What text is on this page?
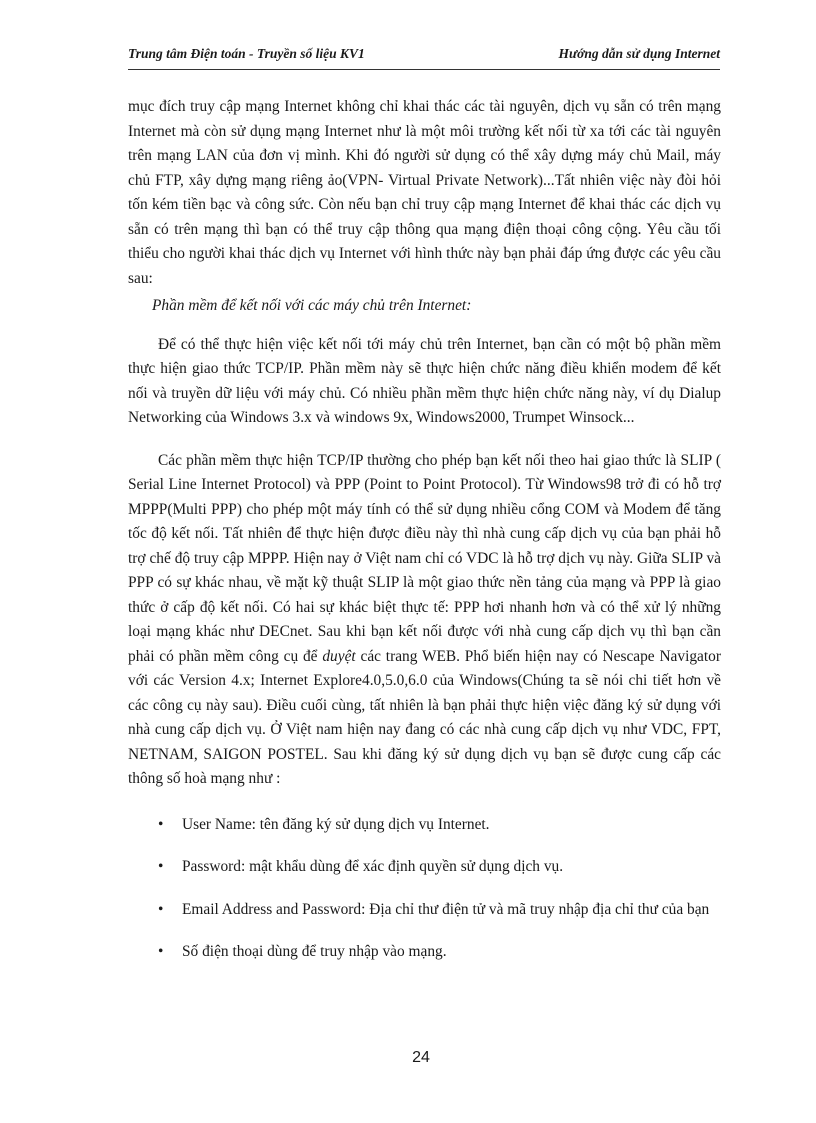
Trung tâm Điện toán - Truyền số liệu KV1	Hướng dẫn sử dụng Internet

mục đích truy cập mạng Internet không chỉ khai thác các tài nguyên, dịch vụ sẵn có trên mạng Internet mà còn sử dụng mạng Internet như là một môi trường kết nối từ xa tới các tài nguyên trên mạng LAN của đơn vị mình. Khi đó người sử dụng có thể xây dựng máy chủ Mail, máy chủ FTP, xây dựng mạng riêng ảo(VPN- Virtual Private Network)...Tất nhiên việc này đòi hỏi tốn kém tiền bạc và công sức. Còn nếu bạn chỉ truy cập mạng Internet để khai thác các dịch vụ sẵn có trên mạng thì bạn có thể truy cập thông qua mạng điện thoại công cộng. Yêu cầu tối thiểu cho người khai thác dịch vụ Internet với hình thức này bạn phải đáp ứng được các yêu cầu sau:

Phần mềm để kết nối với các máy chủ trên Internet:

Để có thể thực hiện việc kết nối tới máy chủ trên Internet, bạn cần có một bộ phần mềm thực hiện giao thức TCP/IP. Phần mềm này sẽ thực hiện chức năng điều khiển modem để kết nối và truyền dữ liệu với máy chủ. Có nhiều phần mềm thực hiện chức năng này, ví dụ Dialup Networking của Windows 3.x và windows 9x, Windows2000, Trumpet Winsock...

Các phần mềm thực hiện TCP/IP thường cho phép bạn kết nối theo hai giao thức là SLIP ( Serial Line Internet Protocol) và PPP (Point to Point Protocol). Từ Windows98 trở đi có hỗ trợ MPPP(Multi PPP) cho phép một máy tính có thể sử dụng nhiều cổng COM và Modem để tăng tốc độ kết nối. Tất nhiên để thực hiện được điều này thì nhà cung cấp dịch vụ của bạn phải hỗ trợ chế độ truy cập MPPP. Hiện nay ở Việt nam chỉ có VDC là hỗ trợ dịch vụ này. Giữa SLIP và PPP có sự khác nhau, về mặt kỹ thuật SLIP là một giao thức nền tảng của mạng và PPP là giao thức ở cấp độ kết nối. Có hai sự khác biệt thực tế: PPP hơi nhanh hơn và có thể xử lý những loại mạng khác như DECnet. Sau khi bạn kết nối được với nhà cung cấp dịch vụ thì bạn cần phải có phần mềm công cụ để duyệt các trang WEB. Phổ biến hiện nay có Nescape Navigator với các Version 4.x; Internet Explore4.0,5.0,6.0 của Windows(Chúng ta sẽ nói chi tiết hơn về các công cụ này sau). Điều cuối cùng, tất nhiên là bạn phải thực hiện việc đăng ký sử dụng với nhà cung cấp dịch vụ. Ở Việt nam hiện nay đang có các nhà cung cấp dịch vụ như VDC, FPT, NETNAM, SAIGON POSTEL. Sau khi đăng ký sử dụng dịch vụ bạn sẽ được cung cấp các thông số hoà mạng như :

• User Name: tên đăng ký sử dụng dịch vụ Internet.

• Password: mật khẩu dùng để xác định quyền sử dụng dịch vụ.

• Email Address and Password: Địa chỉ thư điện tử và mã truy nhập địa chỉ thư của bạn

• Số điện thoại dùng để truy nhập vào mạng.

24
